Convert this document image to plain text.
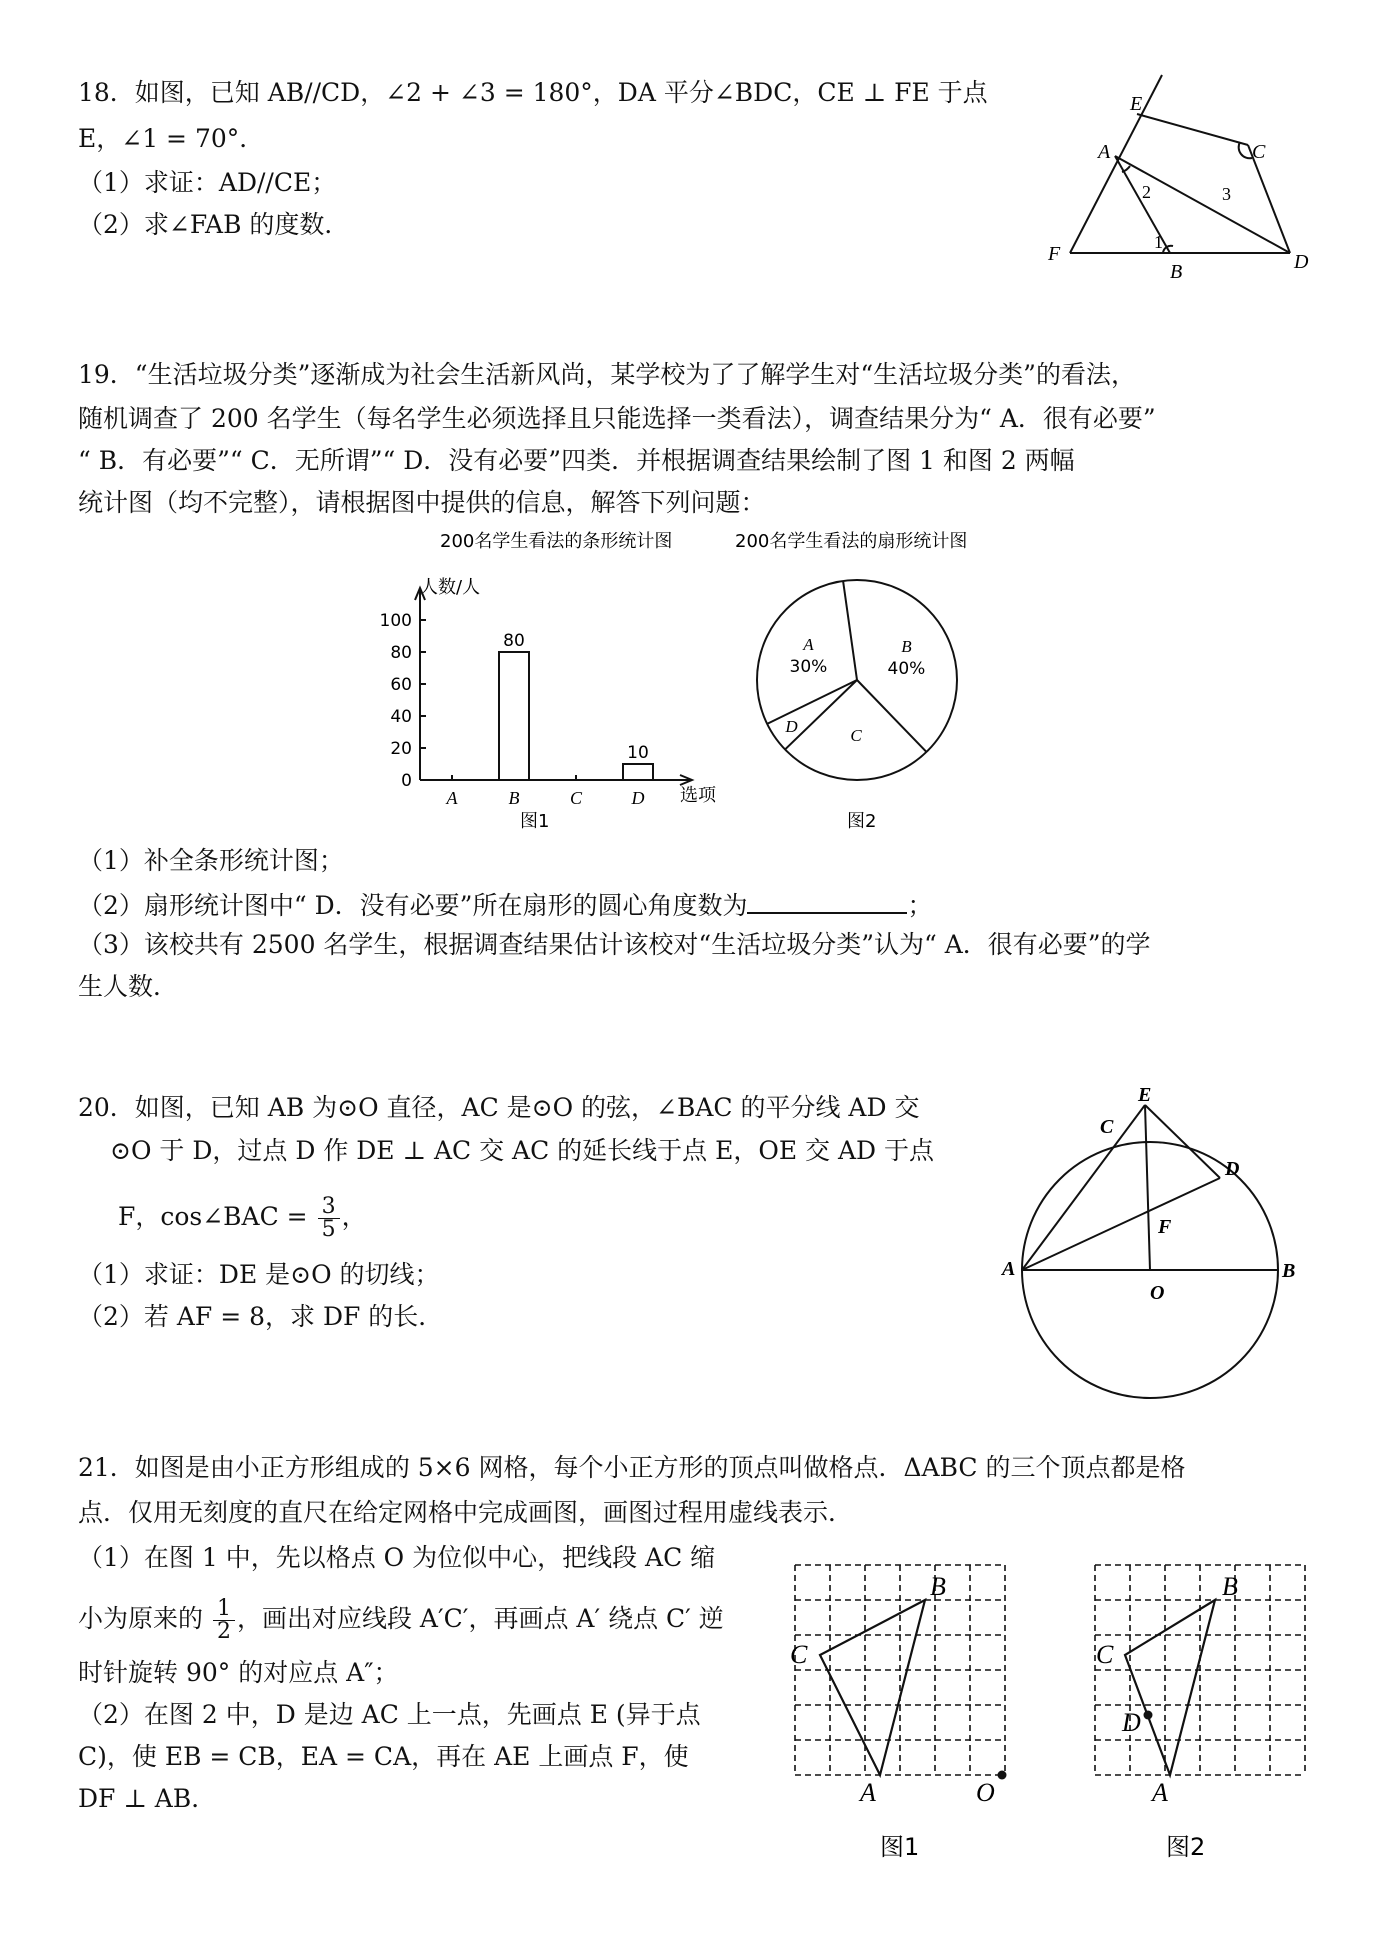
18．如图，已知 AB//CD，∠2 + ∠3 = 180°，DA 平分∠BDC，CE ⊥ FE 于点
E，∠1 = 70°．
（1）求证：AD//CE；
（2）求∠FAB 的度数．
E
A	C
F
B	D
1
2	3
19．“生活垃圾分类”逐渐成为社会生活新风尚，某学校为了了解学生对“生活垃圾分类”的看法，
随机调查了 200 名学生（每名学生必须选择且只能选择一类看法），调查结果分为“ A．很有必要”
“ B．有必要”“ C．无所谓”“ D．没有必要”四类．并根据调查结果绘制了图 1 和图 2 两幅
统计图（均不完整），请根据图中提供的信息，解答下列问题：
200名学生看法的条形统计图
人数/人
选项
图1
0
20
40
60
80
100
A	B
80
C	D
10
200名学生看法的扇形统计图
图2
B
40%
C
D
A
30%
（1）补全条形统计图；
（2）扇形统计图中“ D．没有必要”所在扇形的圆心角度数为	；
（3）该校共有 2500 名学生，根据调查结果估计该校对“生活垃圾分类”认为“ A．很有必要”的学
生人数．
20．如图，已知 AB 为⊙O 直径，AC 是⊙O 的弦，∠BAC 的平分线 AD 交
⊙O 于 D，过点 D 作 DE ⊥ AC 交 AC 的延长线于点 E，OE 交 AD 于点
F，cos∠BAC = $\frac{3}{5}$ ，
（1）求证：DE 是⊙O 的切线；
（2）若 AF = 8，求 DF 的长．
E
C
D
F
A
O
B
21．如图是由小正方形组成的 5×6 网格，每个小正方形的顶点叫做格点．ΔABC 的三个顶点都是格
点．仅用无刻度的直尺在给定网格中完成画图，画图过程用虚线表示．
（1）在图 1 中，先以格点 O 为位似中心，把线段 AC 缩
小为原来的 $\frac{1}{2}$ ，画出对应线段 A′C′，再画点 A′ 绕点 C′ 逆
时针旋转 90° 的对应点 A″；
（2）在图 2 中，D 是边 AC 上一点，先画点 E (异于点
C)，使 EB = CB，EA = CA，再在 AE 上画点 F，使
DF ⊥ AB．
B
C
A	O
图1
B
C
D
A
图2
